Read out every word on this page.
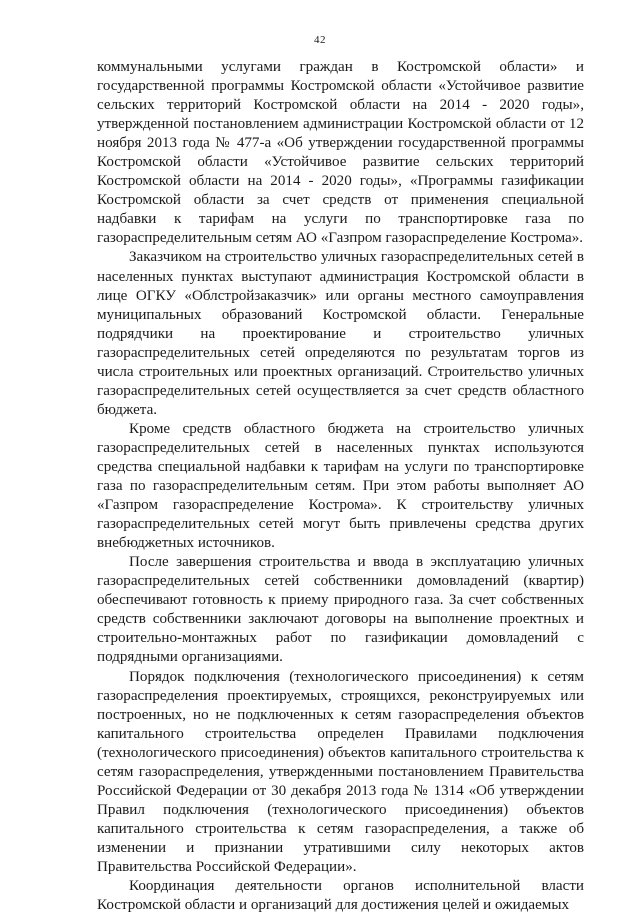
42

коммунальными услугами граждан в Костромской области» и государственной программы Костромской области «Устойчивое развитие сельских территорий Костромской области на 2014 - 2020 годы», утвержденной постановлением администрации Костромской области от 12 ноября 2013 года № 477-а «Об утверждении государственной программы Костромской области «Устойчивое развитие сельских территорий Костромской области на 2014 - 2020 годы», «Программы газификации Костромской области за счет средств от применения специальной надбавки к тарифам на услуги по транспортировке газа по газораспределительным сетям АО «Газпром газораспределение Кострома».

Заказчиком на строительство уличных газораспределительных сетей в населенных пунктах выступают администрация Костромской области в лице ОГКУ «Облстройзаказчик» или органы местного самоуправления муниципальных образований Костромской области. Генеральные подрядчики на проектирование и строительство уличных газораспределительных сетей определяются по результатам торгов из числа строительных или проектных организаций. Строительство уличных газораспределительных сетей осуществляется за счет средств областного бюджета.

Кроме средств областного бюджета на строительство уличных газораспределительных сетей в населенных пунктах используются средства специальной надбавки к тарифам на услуги по транспортировке газа по газораспределительным сетям. При этом работы выполняет АО «Газпром газораспределение Кострома». К строительству уличных газораспределительных сетей могут быть привлечены средства других внебюджетных источников.

После завершения строительства и ввода в эксплуатацию уличных газораспределительных сетей собственники домовладений (квартир) обеспечивают готовность к приему природного газа. За счет собственных средств собственники заключают договоры на выполнение проектных и строительно-монтажных работ по газификации домовладений с подрядными организациями.

Порядок подключения (технологического присоединения) к сетям газораспределения проектируемых, строящихся, реконструируемых или построенных, но не подключенных к сетям газораспределения объектов капитального строительства определен Правилами подключения (технологического присоединения) объектов капитального строительства к сетям газораспределения, утвержденными постановлением Правительства Российской Федерации от 30 декабря 2013 года № 1314 «Об утверждении Правил подключения (технологического присоединения) объектов капитального строительства к сетям газораспределения, а также об изменении и признании утратившими силу некоторых актов Правительства Российской Федерации».

Координация деятельности органов исполнительной власти Костромской области и организаций для достижения целей и ожидаемых
